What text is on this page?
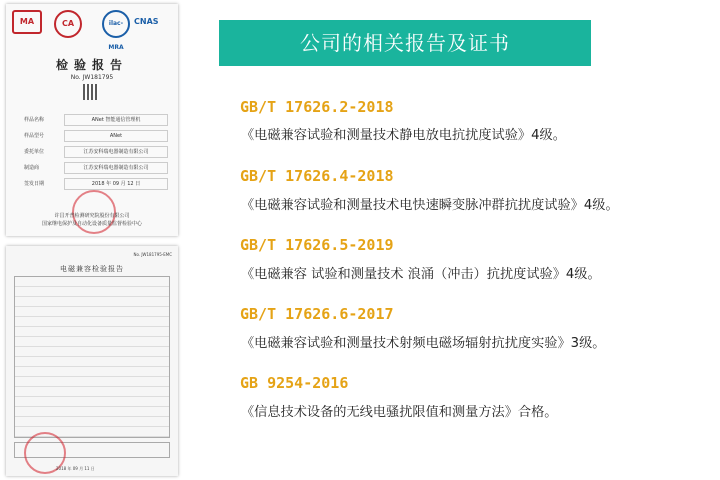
MA	CA	ilac-MRA
CNAS
检验报告
No. JW181795
样品名称	ANet 智能通信管理机
样品型号	ANet
委托单位	江苏安科瑞电器制造有限公司
制造商	江苏安科瑞电器制造有限公司
签发日期	2018 年 09 月 12 日
许昌开普检测研究院股份有限公司
国家继电保护及自动化设备质量监督检验中心
No. JW181795-EMC
电磁兼容检验报告
2018 年 09 月 11 日
公司的相关报告及证书
GB/T 17626.2-2018
《电磁兼容试验和测量技术静电放电抗扰度试验》4级。
GB/T 17626.4-2018
《电磁兼容试验和测量技术电快速瞬变脉冲群抗扰度试验》4级。
GB/T 17626.5-2019
《电磁兼容 试验和测量技术 浪涌（冲击）抗扰度试验》4级。
GB/T 17626.6-2017
《电磁兼容试验和测量技术射频电磁场辐射抗扰度实验》3级。
GB 9254-2016
《信息技术设备的无线电骚扰限值和测量方法》合格。
